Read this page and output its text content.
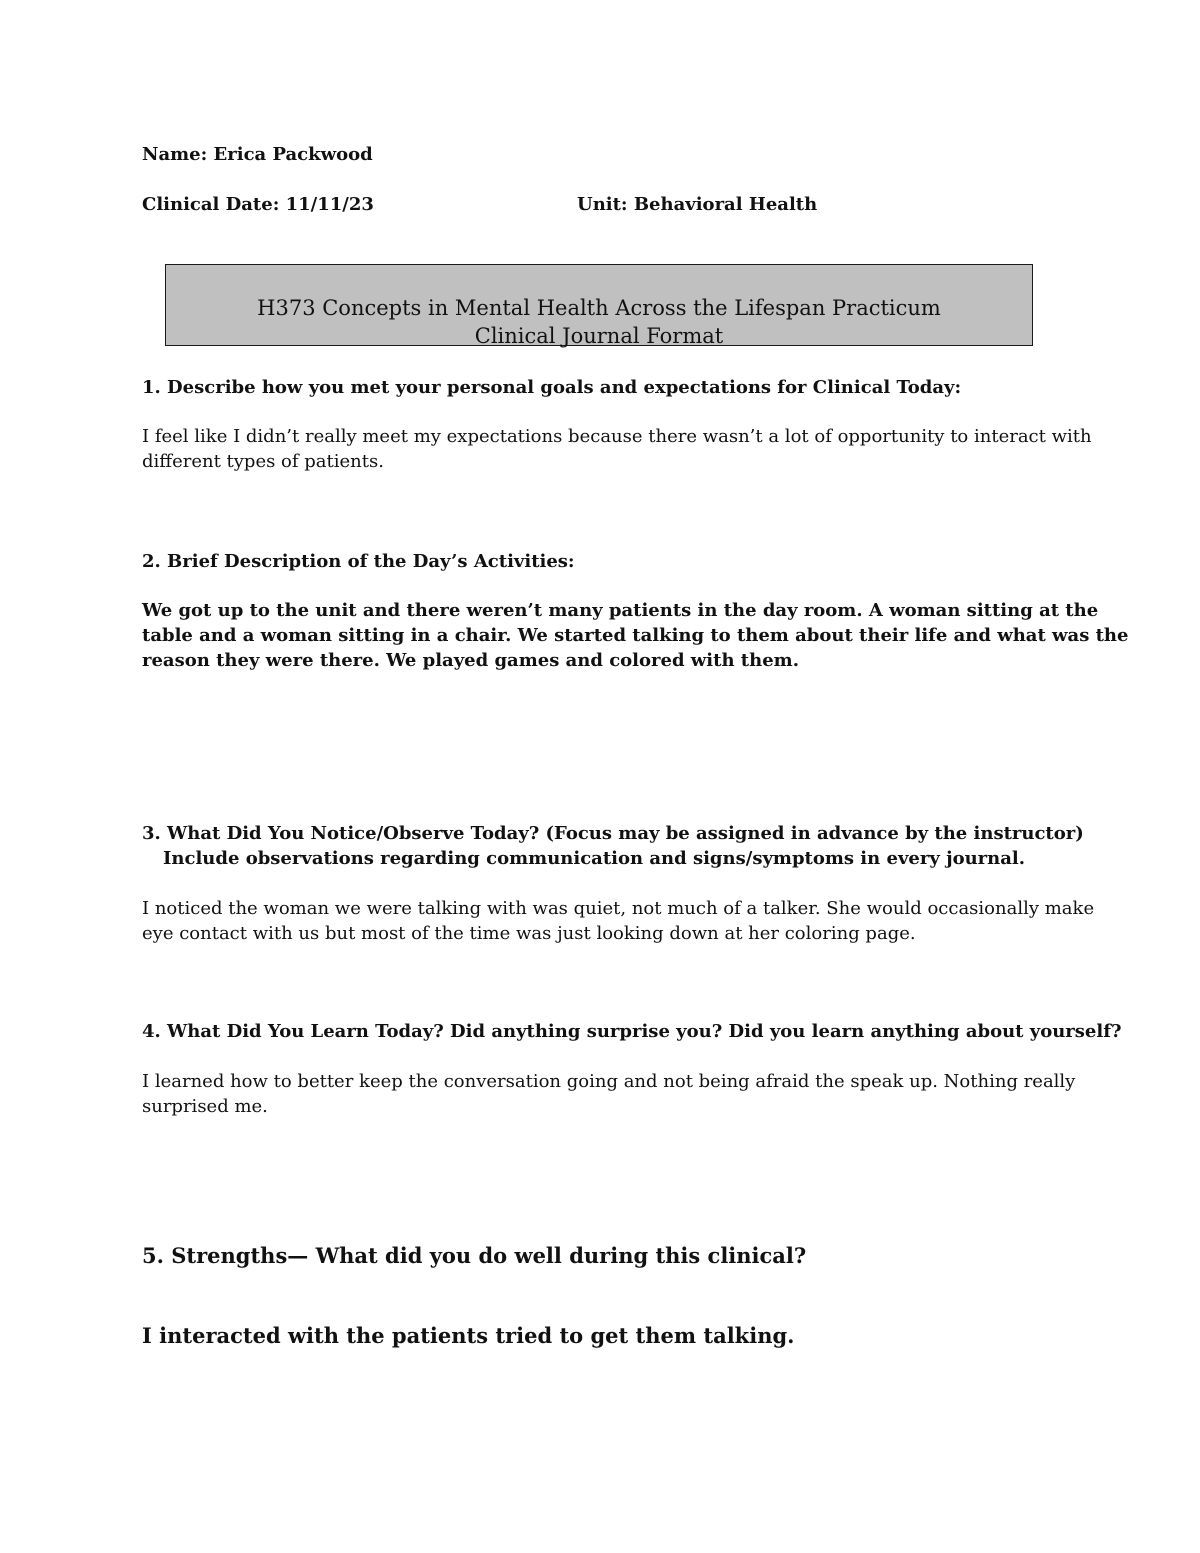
Name: Erica Packwood
Clinical Date: 11/11/23	Unit: Behavioral Health
H373 Concepts in Mental Health Across the Lifespan Practicum
Clinical Journal Format
1. Describe how you met your personal goals and expectations for Clinical Today:
I feel like I didn’t really meet my expectations because there wasn’t a lot of opportunity to interact with
different types of patients.
2. Brief Description of the Day’s Activities:
We got up to the unit and there weren’t many patients in the day room. A woman sitting at the
table and a woman sitting in a chair. We started talking to them about their life and what was the
reason they were there. We played games and colored with them.
3. What Did You Notice/Observe Today? (Focus may be assigned in advance by the instructor)
Include observations regarding communication and signs/symptoms in every journal.
I noticed the woman we were talking with was quiet, not much of a talker. She would occasionally make
eye contact with us but most of the time was just looking down at her coloring page.
4. What Did You Learn Today? Did anything surprise you? Did you learn anything about yourself?
I learned how to better keep the conversation going and not being afraid the speak up. Nothing really
surprised me.
5. Strengths— What did you do well during this clinical?
I interacted with the patients tried to get them talking.
